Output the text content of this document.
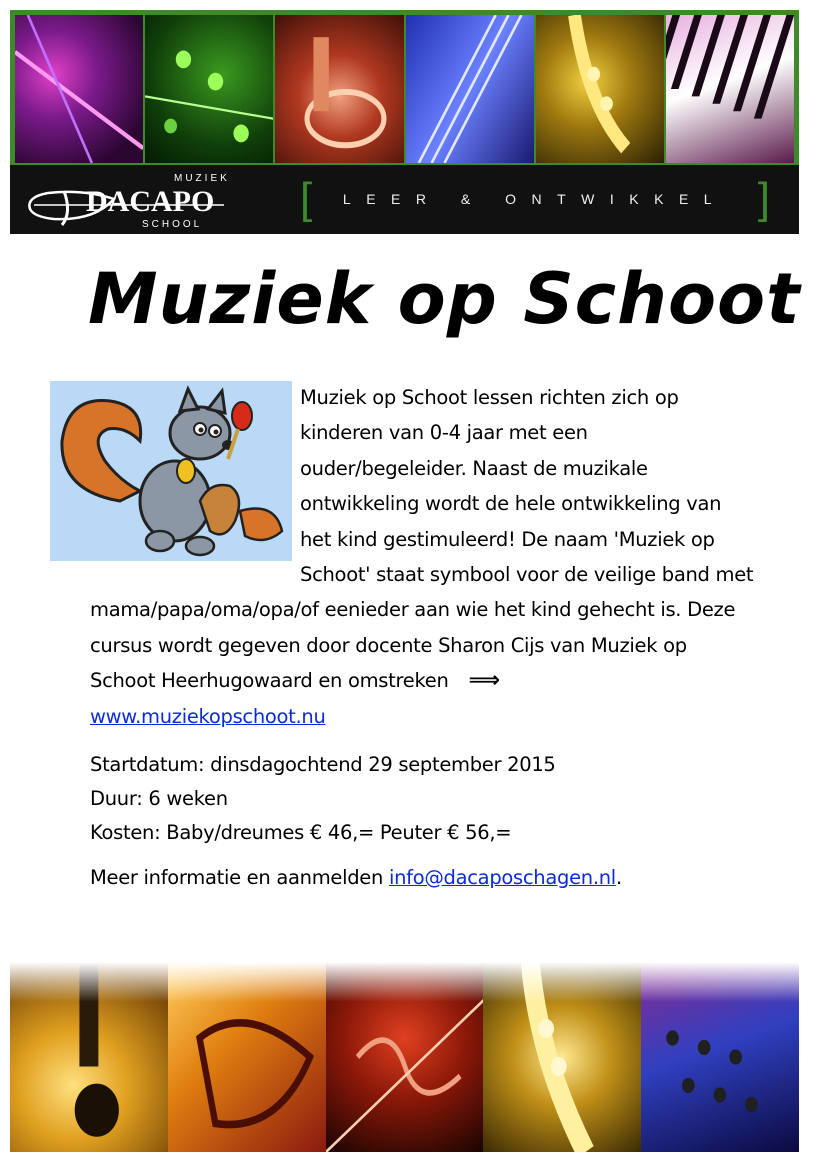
MUZIEK
DACAPO
SCHOOL
[ LEER & ONTWIKKEL ]
Muziek op Schoot
Muziek op Schoot lessen richten zich op kinderen van 0-4 jaar met een ouder/begeleider. Naast de muzikale ontwikkeling wordt de hele ontwikkeling van het kind gestimuleerd! De naam 'Muziek op Schoot' staat symbool voor de veilige band met mama/papa/oma/opa/of eenieder aan wie het kind gehecht is. Deze cursus wordt gegeven door docente Sharon Cijs van Muziek op Schoot Heerhugowaard en omstreken ⟹ www.muziekopschoot.nu
Startdatum: dinsdagochtend 29 september 2015
Duur: 6 weken
Kosten: Baby/dreumes € 46,= Peuter € 56,=
Meer informatie en aanmelden info@dacaposchagen.nl.
